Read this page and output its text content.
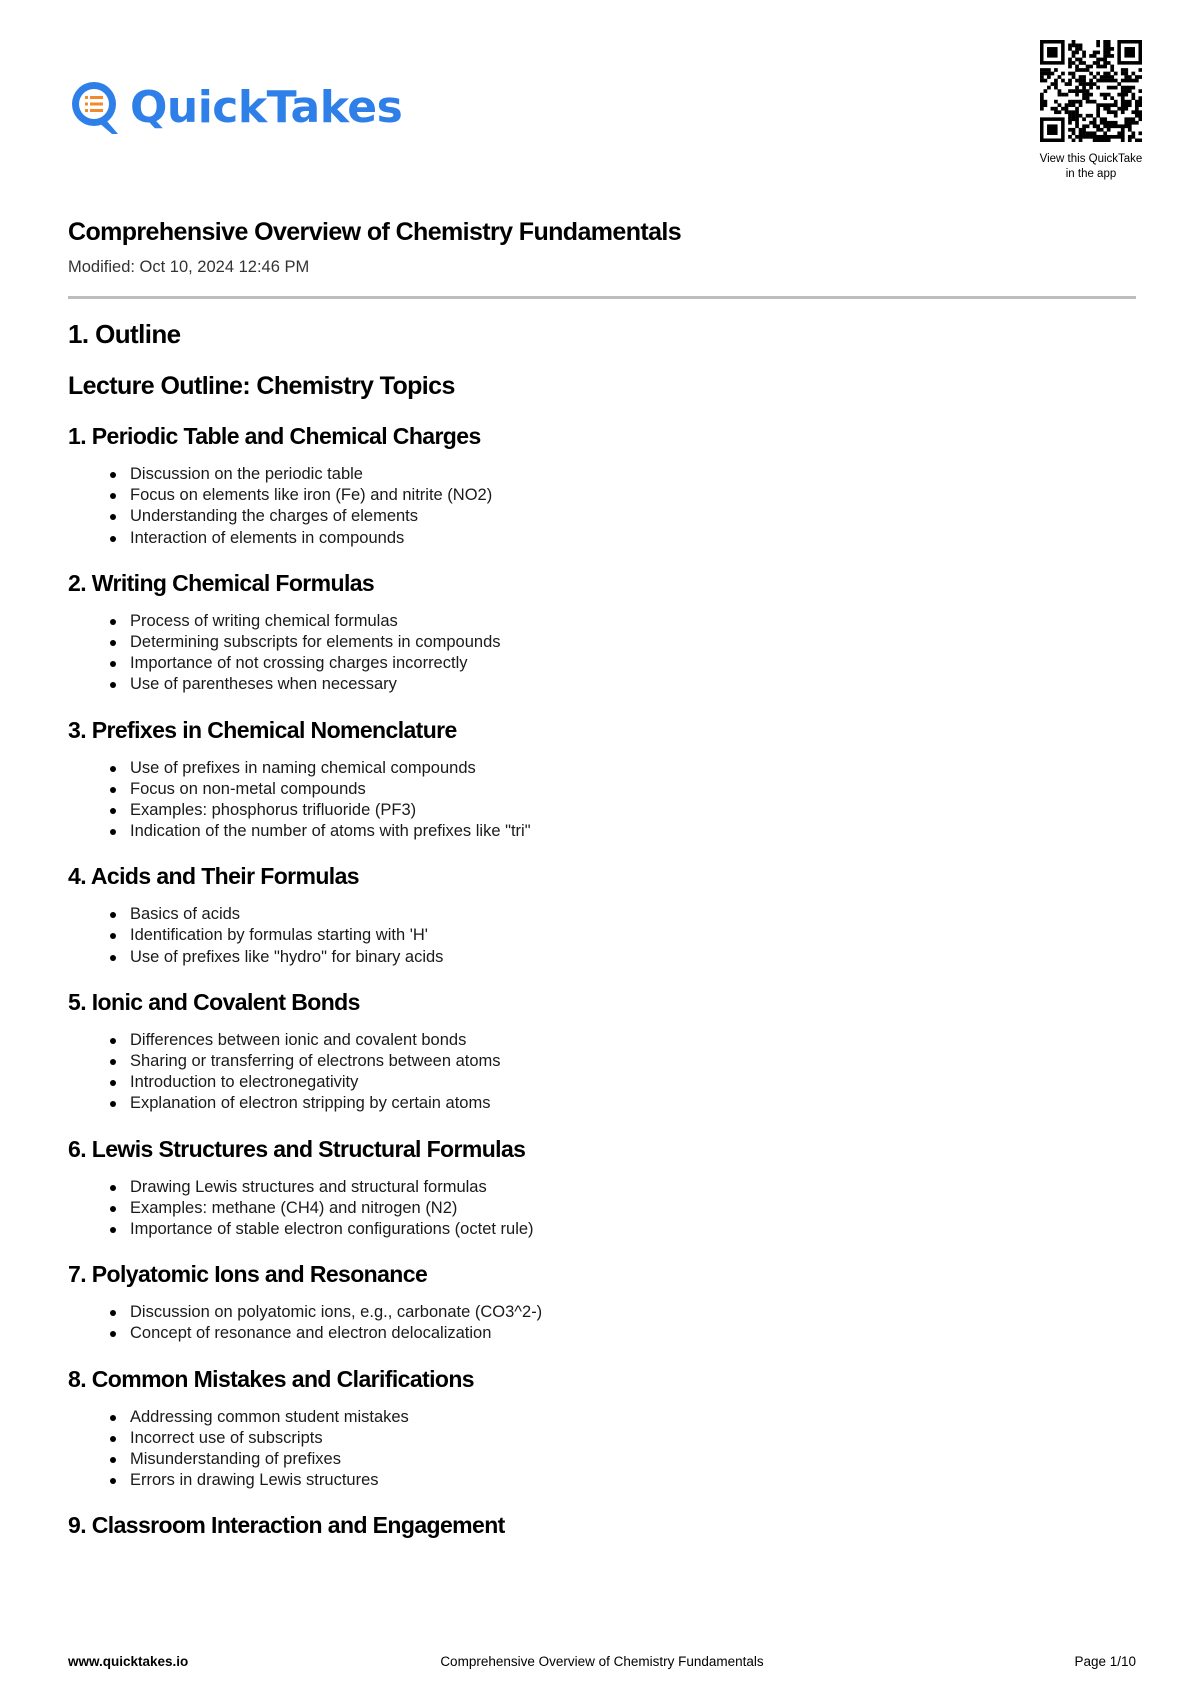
QuickTakes
View this QuickTake
in the app
Comprehensive Overview of Chemistry Fundamentals
Modified: Oct 10, 2024 12:46 PM
1. Outline
Lecture Outline: Chemistry Topics
1. Periodic Table and Chemical Charges
Discussion on the periodic table
Focus on elements like iron (Fe) and nitrite (NO2)
Understanding the charges of elements
Interaction of elements in compounds
2. Writing Chemical Formulas
Process of writing chemical formulas
Determining subscripts for elements in compounds
Importance of not crossing charges incorrectly
Use of parentheses when necessary
3. Prefixes in Chemical Nomenclature
Use of prefixes in naming chemical compounds
Focus on non-metal compounds
Examples: phosphorus trifluoride (PF3)
Indication of the number of atoms with prefixes like "tri"
4. Acids and Their Formulas
Basics of acids
Identification by formulas starting with 'H'
Use of prefixes like "hydro" for binary acids
5. Ionic and Covalent Bonds
Differences between ionic and covalent bonds
Sharing or transferring of electrons between atoms
Introduction to electronegativity
Explanation of electron stripping by certain atoms
6. Lewis Structures and Structural Formulas
Drawing Lewis structures and structural formulas
Examples: methane (CH4) and nitrogen (N2)
Importance of stable electron configurations (octet rule)
7. Polyatomic Ions and Resonance
Discussion on polyatomic ions, e.g., carbonate (CO3^2-)
Concept of resonance and electron delocalization
8. Common Mistakes and Clarifications
Addressing common student mistakes
Incorrect use of subscripts
Misunderstanding of prefixes
Errors in drawing Lewis structures
9. Classroom Interaction and Engagement
www.quicktakes.io	Comprehensive Overview of Chemistry Fundamentals	Page 1/10
